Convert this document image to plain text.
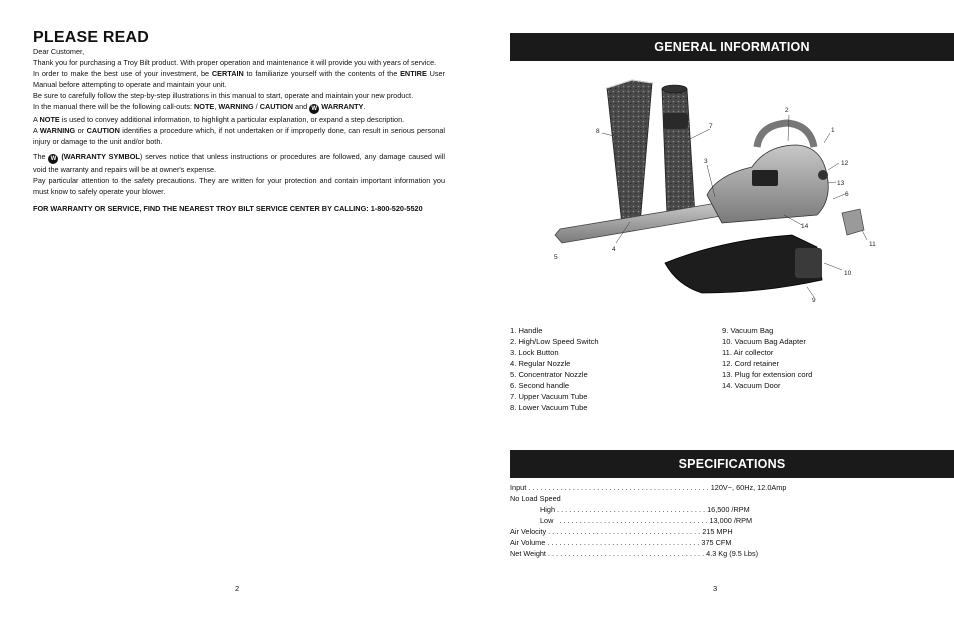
PLEASE READ

Dear Customer,

Thank you for purchasing a Troy Bilt product. With proper operation and maintenance it will provide you with years of service.

In order to make the best use of your investment, be CERTAIN to familiarize yourself with the contents of the ENTIRE User Manual before attempting to operate and maintain your unit.

Be sure to carefully follow the step-by-step illustrations in this manual to start, operate and maintain your new product.

In the manual there will be the following call-outs: NOTE, WARNING / CAUTION and W WARRANTY.

A NOTE is used to convey additional information, to highlight a particular explanation, or expand a step description.

A WARNING or CAUTION identifies a procedure which, if not undertaken or if improperly done, can result in serious personal injury or damage to the unit and/or both.

The W (WARRANTY SYMBOL) serves notice that unless instructions or procedures are followed, any damage caused will void the warranty and repairs will be at owner's expense.

Pay particular attention to the safety precautions. They are written for your protection and contain important information you must know to safely operate your blower.

FOR WARRANTY OR SERVICE, FIND THE NEAREST TROY BILT SERVICE CENTER BY CALLING: 1-800-520-5520

2
GENERAL INFORMATION
1
2
3
4
5
6
7
8
9
10
11
12
13
14
1. Handle
2. High/Low Speed Switch
3. Lock Button
4. Regular Nozzle
5. Concentrator Nozzle
6. Second handle
7. Upper Vacuum Tube
8. Lower Vacuum Tube
9. Vacuum Bag
10. Vacuum Bag Adapter
11. Air collector
12. Cord retainer
13. Plug for extension cord
14. Vacuum Door
SPECIFICATIONS
Input . . . . . . . . . . . . . . . . . . . . . . . . . . . . . . . . . . . . . . . . . . . . . 120V~, 60Hz, 12.0Amp
No Load Speed
High . . . . . . . . . . . . . . . . . . . . . . . . . . . . . . . . . . . . . 16,500 /RPM
Low   . . . . . . . . . . . . . . . . . . . . . . . . . . . . . . . . . . . . . 13,000 /RPM
Air Velocity . . . . . . . . . . . . . . . . . . . . . . . . . . . . . . . . . . . . . . 215 MPH
Air Volume . . . . . . . . . . . . . . . . . . . . . . . . . . . . . . . . . . . . . . 375 CFM
Net Weight . . . . . . . . . . . . . . . . . . . . . . . . . . . . . . . . . . . . . . . 4.3 Kg (9.5 Lbs)
3
